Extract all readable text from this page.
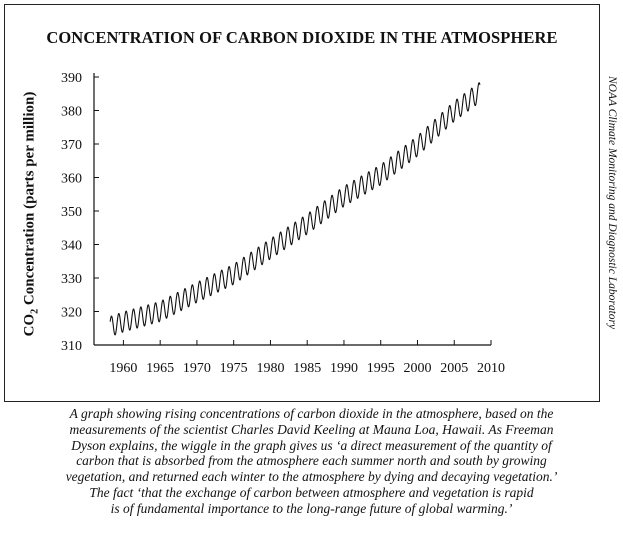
CONCENTRATION OF CARBON DIOXIDE IN THE ATMOSPHERE
NOAA Climate Monitoring and Diagnostic Laboratory
$CO_2$ Concentration (parts per million)
310
320
330
340
350
360
370
380
390
1960 1965 1970 1975 1980 1985 1990 1995 2000 2005 2010
A graph showing rising concentrations of carbon dioxide in the atmosphere, based on the
measurements of the scientist Charles David Keeling at Mauna Loa, Hawaii. As Freeman
Dyson explains, the wiggle in the graph gives us ‘a direct measurement of the quantity of
carbon that is absorbed from the atmosphere each summer north and south by growing
vegetation, and returned each winter to the atmosphere by dying and decaying vegetation.’
The fact ‘that the exchange of carbon between atmosphere and vegetation is rapid
is of fundamental importance to the long-range future of global warming.’
